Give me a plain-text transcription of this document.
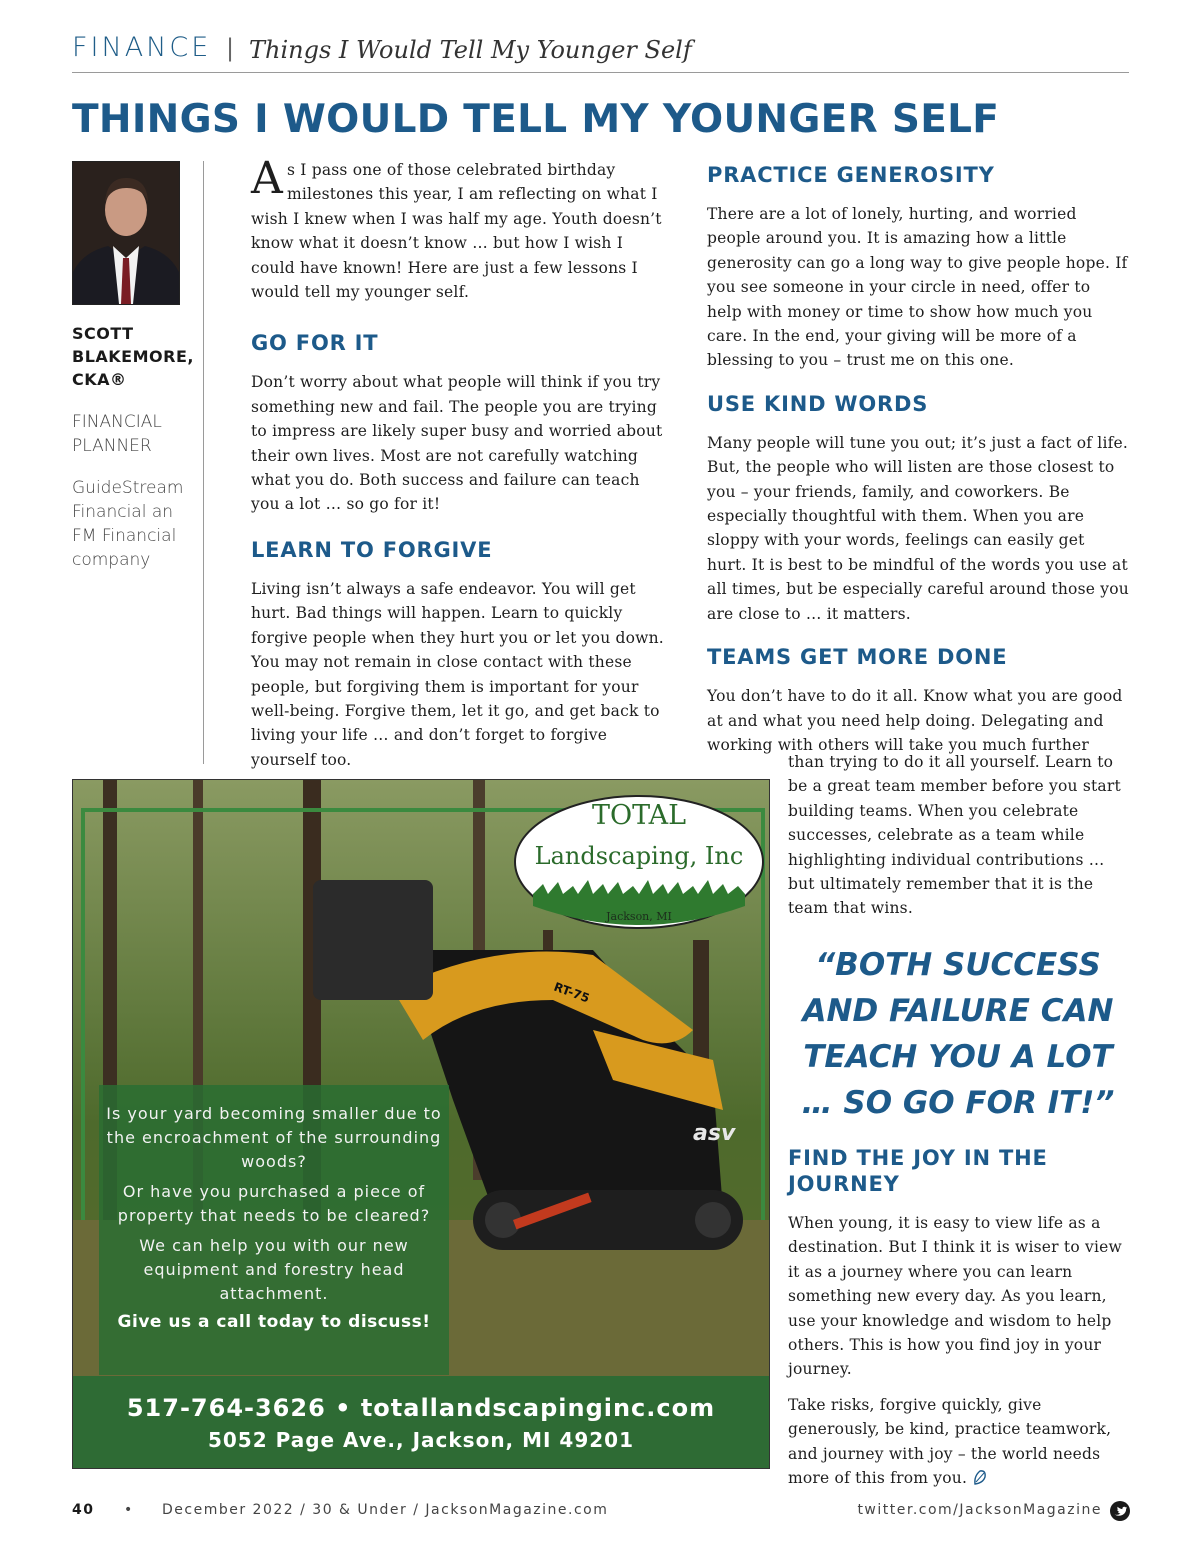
FINANCE | Things I Would Tell My Younger Self
THINGS I WOULD TELL MY YOUNGER SELF
SCOTT BLAKEMORE, CKA®
FINANCIAL PLANNER
GuideStream Financial an FM Financial company

As I pass one of those celebrated birthday milestones this year, I am reflecting on what I wish I knew when I was half my age. Youth doesn’t know what it doesn’t know … but how I wish I could have known! Here are just a few lessons I would tell my younger self.

GO FOR IT

Don’t worry about what people will think if you try something new and fail. The people you are trying to impress are likely super busy and worried about their own lives. Most are not carefully watching what you do. Both success and failure can teach you a lot … so go for it!

LEARN TO FORGIVE

Living isn’t always a safe endeavor. You will get hurt. Bad things will happen. Learn to quickly forgive people when they hurt you or let you down. You may not remain in close contact with these people, but forgiving them is important for your well-being. Forgive them, let it go, and get back to living your life … and don’t forget to forgive yourself too.

PRACTICE GENEROSITY

There are a lot of lonely, hurting, and worried people around you. It is amazing how a little generosity can go a long way to give people hope. If you see someone in your circle in need, offer to help with money or time to show how much you care. In the end, your giving will be more of a blessing to you – trust me on this one.

USE KIND WORDS

Many people will tune you out; it’s just a fact of life. But, the people who will listen are those closest to you – your friends, family, and coworkers. Be especially thoughtful with them. When you are sloppy with your words, feelings can easily get hurt. It is best to be mindful of the words you use at all times, but be especially careful around those you are close to … it matters.

TEAMS GET MORE DONE

You don’t have to do it all. Know what you are good at and what you need help doing. Delegating and working with others will take you much further

than trying to do it all yourself. Learn to be a great team member before you start building teams. When you celebrate successes, celebrate as a team while highlighting individual contributions … but ultimately remember that it is the team that wins.

“BOTH SUCCESS AND FAILURE CAN TEACH YOU A LOT … SO GO FOR IT!”
FIND THE JOY IN THE JOURNEY

When young, it is easy to view life as a destination. But I think it is wiser to view it as a journey where you can learn something new every day. As you learn, use your knowledge and wisdom to help others. This is how you find joy in your journey.

Take risks, forgive quickly, give generously, be kind, practice teamwork, and journey with joy – the world needs more of this from you.

asv
RT-75
TOTAL
Landscaping, Inc
Jackson, MI
Is your yard becoming smaller due to the encroachment of the surrounding woods?
Or have you purchased a piece of property that needs to be cleared?
We can help you with our new equipment and forestry head attachment.
Give us a call today to discuss!
517-764-3626 • totallandscapinginc.com
5052 Page Ave., Jackson, MI 49201
40 • December 2022 / 30 & Under / JacksonMagazine.com	twitter.com/JacksonMagazine
